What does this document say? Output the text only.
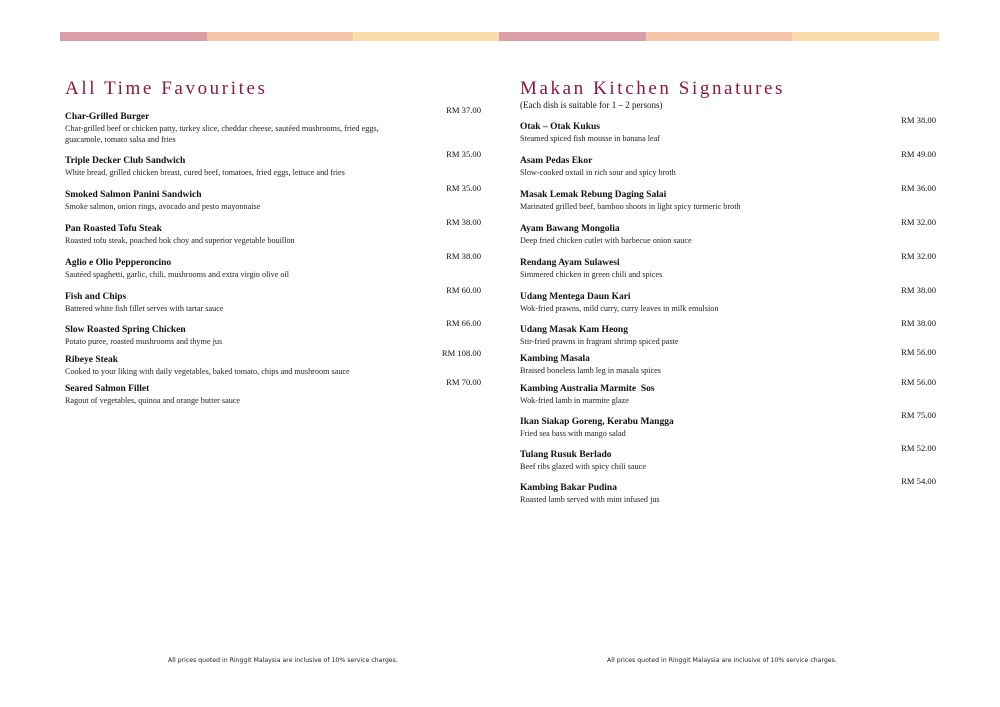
All Time Favourites
Char-Grilled Burger
Char-grilled beef or chicken patty, turkey slice, cheddar cheese, sautéed mushrooms, fried eggs, guacamole, tomato salsa and fries
RM 37.00
Triple Decker Club Sandwich
White bread, grilled chicken breast, cured beef, tomatoes, fried eggs, lettuce and fries
RM 35.00
Smoked Salmon Panini Sandwich
Smoke salmon, onion rings, avocado and pesto mayonnaise
RM 35.00
Pan Roasted Tofu Steak
Roasted tofu steak, poached bok choy and superior vegetable bouillon
RM 38.00
Aglio e Olio Pepperoncino
Sautéed spaghetti, garlic, chili, mushrooms and extra virgin olive oil
RM 38.00
Fish and Chips
Battered white fish fillet serves with tartar sauce
RM 60.00
Slow Roasted Spring Chicken
Potato puree, roasted mushrooms and thyme jus
RM 66.00
Ribeye Steak
Cooked to your liking with daily vegetables, baked tomato, chips and mushroom sauce
RM 108.00
Seared Salmon Fillet
Ragout of vegetables, quinoa and orange butter sauce
RM 70.00
All prices quoted in Ringgit Malaysia are inclusive of 10% service charges.
Makan Kitchen Signatures
(Each dish is suitable for 1 – 2 persons)
Otak – Otak Kukus
Steamed spiced fish mousse in banana leaf
RM 38.00
Asam Pedas Ekor
Slow-cooked oxtail in rich sour and spicy broth
RM 49.00
Masak Lemak Rebung Daging Salai
Marinated grilled beef, bamboo shoots in light spicy turmeric broth
RM 36.00
Ayam Bawang Mongolia
Deep fried chicken cutlet with barbecue onion sauce
RM 32.00
Rendang Ayam Sulawesi
Simmered chicken in green chili and spices
RM 32.00
Udang Mentega Daun Kari
Wok-fried prawns, mild curry, curry leaves in milk emulsion
RM 38.00
Udang Masak Kam Heong
Stir-fried prawns in fragrant shrimp spiced paste
RM 38.00
Kambing Masala
Braised boneless lamb leg in masala spices
RM 56.00
Kambing Australia Marmite  Sos
Wok-fried lamb in marmite glaze
RM 56.00
Ikan Siakap Goreng, Kerabu Mangga
Fried sea bass with mango salad
RM 75.00
Tulang Rusuk Berlado
Beef ribs glazed with spicy chili sauce
RM 52.00
Kambing Bakar Pudina
Roasted lamb served with mint infused jus
RM 54.00
All prices quoted in Ringgit Malaysia are inclusive of 10% service charges.
